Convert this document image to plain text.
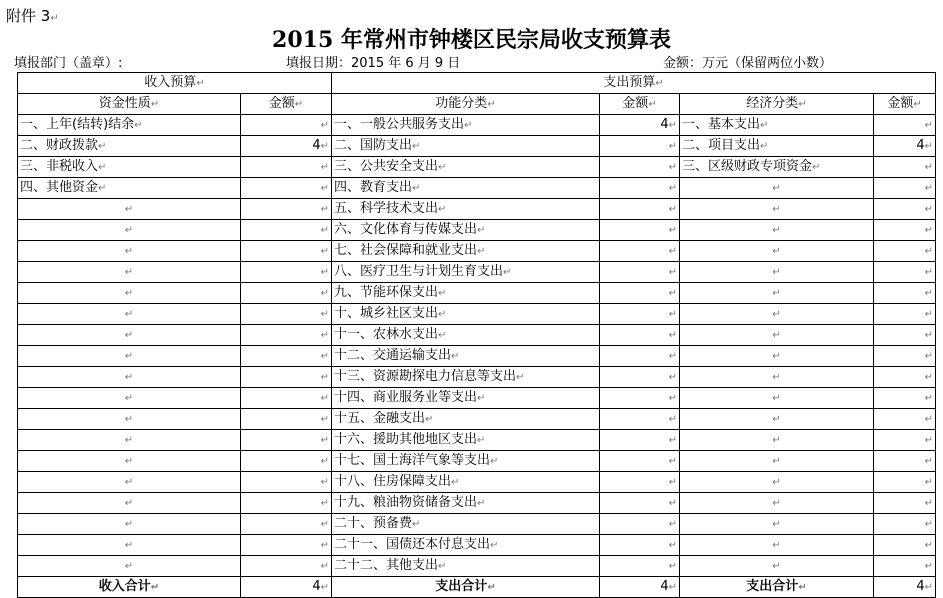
附件 3↵
2015 年常州市钟楼区民宗局收支预算表
填报部门（盖章）:	填报日期：2015 年 6 月 9 日	金额：万元（保留两位小数）
收入预算↵		支出预算↵			
资金性质↵	金额↵	功能分类↵	金额↵	经济分类↵	金额↵
一、上年(结转)结余↵	↵	一、一般公共服务支出↵	4↵	一、基本支出↵	↵
二、财政拨款↵	4↵	二、国防支出↵	↵	二、项目支出↵	4↵
三、非税收入↵	↵	三、公共安全支出↵	↵	三、区级财政专项资金↵	↵
四、其他资金↵	↵	四、教育支出↵	↵	↵	↵
↵	↵	五、科学技术支出↵	↵	↵	↵
↵	↵	六、文化体育与传媒支出↵	↵	↵	↵
↵	↵	七、社会保障和就业支出↵	↵	↵	↵
↵	↵	八、医疗卫生与计划生育支出↵	↵	↵	↵
↵	↵	九、节能环保支出↵	↵	↵	↵
↵	↵	十、城乡社区支出↵	↵	↵	↵
↵	↵	十一、农林水支出↵	↵	↵	↵
↵	↵	十二、交通运输支出↵	↵	↵	↵
↵	↵	十三、资源勘探电力信息等支出↵	↵	↵	↵
↵	↵	十四、商业服务业等支出↵	↵	↵	↵
↵	↵	十五、金融支出↵	↵	↵	↵
↵	↵	十六、援助其他地区支出↵	↵	↵	↵
↵	↵	十七、国土海洋气象等支出↵	↵	↵	↵
↵	↵	十八、住房保障支出↵	↵	↵	↵
↵	↵	十九、粮油物资储备支出↵	↵	↵	↵
↵	↵	二十、预备费↵	↵	↵	↵
↵	↵	二十一、国债还本付息支出↵	↵	↵	↵
↵	↵	二十二、其他支出↵	↵	↵	↵
收入合计↵	4↵	支出合计↵	4↵	支出合计↵	4↵
